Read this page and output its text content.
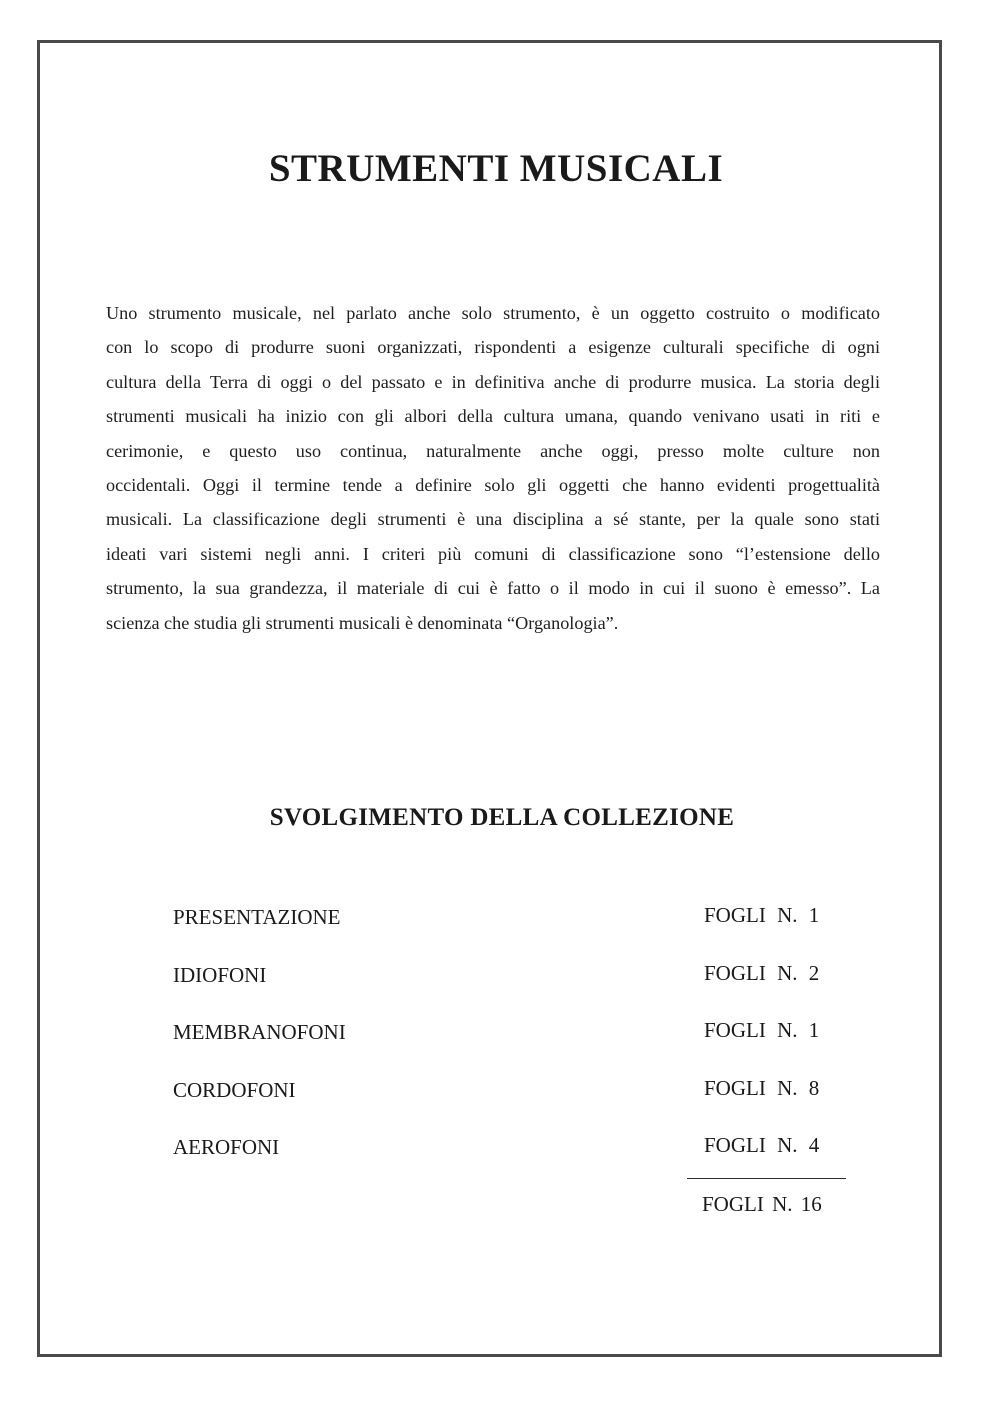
STRUMENTI MUSICALI
Uno strumento musicale, nel parlato anche solo strumento, è un oggetto costruito o modificato
con lo scopo di produrre suoni organizzati, rispondenti a esigenze culturali specifiche di ogni
cultura della Terra di oggi o del passato e in definitiva anche di produrre musica. La storia degli
strumenti musicali ha inizio con gli albori della cultura umana, quando venivano usati in riti e
cerimonie, e questo uso continua, naturalmente anche oggi, presso molte culture non
occidentali. Oggi il termine tende a definire solo gli oggetti che hanno evidenti progettualità
musicali. La classificazione degli strumenti è una disciplina a sé stante, per la quale sono stati
ideati vari sistemi negli anni. I criteri più comuni di classificazione sono “l’estensione dello
strumento, la sua grandezza, il materiale di cui è fatto o il modo in cui il suono è emesso”. La
scienza che studia gli strumenti musicali è denominata “Organologia”.
SVOLGIMENTO DELLA COLLEZIONE
PRESENTAZIONE	FOGLI N. 1
IDIOFONI	FOGLI N. 2
MEMBRANOFONI	FOGLI N. 1
CORDOFONI	FOGLI N. 8
AEROFONI	FOGLI N. 4
FOGLI N. 16
